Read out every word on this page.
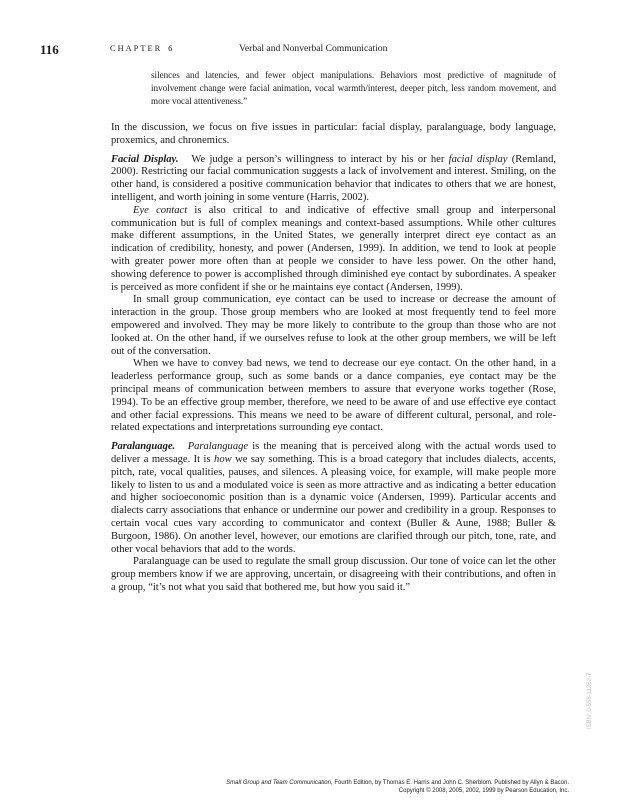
116	CHAPTER 6	Verbal and Nonverbal Communication
silences and latencies, and fewer object manipulations. Behaviors most predictive of magnitude of involvement change were facial animation, vocal warmth/interest, deeper pitch, less random movement, and more vocal attentiveness.”

In the discussion, we focus on five issues in particular: facial display, paralanguage, body language, proxemics, and chronemics.

Facial Display. We judge a person’s willingness to interact by his or her facial display (Remland, 2000). Restricting our facial communication suggests a lack of involvement and interest. Smiling, on the other hand, is considered a positive communication behavior that indicates to others that we are honest, intelligent, and worth joining in some venture (Harris, 2002).

Eye contact is also critical to and indicative of effective small group and interpersonal communication but is full of complex meanings and context-based assumptions. While other cultures make different assumptions, in the United States, we generally interpret direct eye contact as an indication of credibility, honesty, and power (Andersen, 1999). In addition, we tend to look at people with greater power more often than at people we consider to have less power. On the other hand, showing deference to power is accomplished through diminished eye contact by subordinates. A speaker is perceived as more confident if she or he maintains eye contact (Andersen, 1999).

In small group communication, eye contact can be used to increase or decrease the amount of interaction in the group. Those group members who are looked at most frequently tend to feel more empowered and involved. They may be more likely to contribute to the group than those who are not looked at. On the other hand, if we ourselves refuse to look at the other group members, we will be left out of the conversation.

When we have to convey bad news, we tend to decrease our eye contact. On the other hand, in a leaderless performance group, such as some bands or a dance companies, eye contact may be the principal means of communication between members to assure that everyone works together (Rose, 1994). To be an effective group member, therefore, we need to be aware of and use effective eye contact and other facial expressions. This means we need to be aware of different cultural, personal, and role-related expectations and interpretations surrounding eye contact.

Paralanguage. Paralanguage is the meaning that is perceived along with the actual words used to deliver a message. It is how we say something. This is a broad category that includes dialects, accents, pitch, rate, vocal qualities, pauses, and silences. A pleasing voice, for example, will make people more likely to listen to us and a modulated voice is seen as more attractive and as indicating a better education and higher socioeconomic position than is a dynamic voice (Andersen, 1999). Particular accents and dialects carry associations that enhance or undermine our power and credibility in a group. Responses to certain vocal cues vary according to communicator and context (Buller & Aune, 1988; Buller & Burgoon, 1986). On another level, however, our emotions are clarified through our pitch, tone, rate, and other vocal behaviors that add to the words.

Paralanguage can be used to regulate the small group discussion. Our tone of voice can let the other group members know if we are approving, uncertain, or disagreeing with their contributions, and often in a group, “it’s not what you said that bothered me, but how you said it.”

Small Group and Team Communication, Fourth Edition, by Thomas E. Harris and John C. Sherblom. Published by Allyn & Bacon.
Copyright © 2008, 2005, 2002, 1999 by Pearson Education, Inc.
ISBN: 0-558-11262-7
